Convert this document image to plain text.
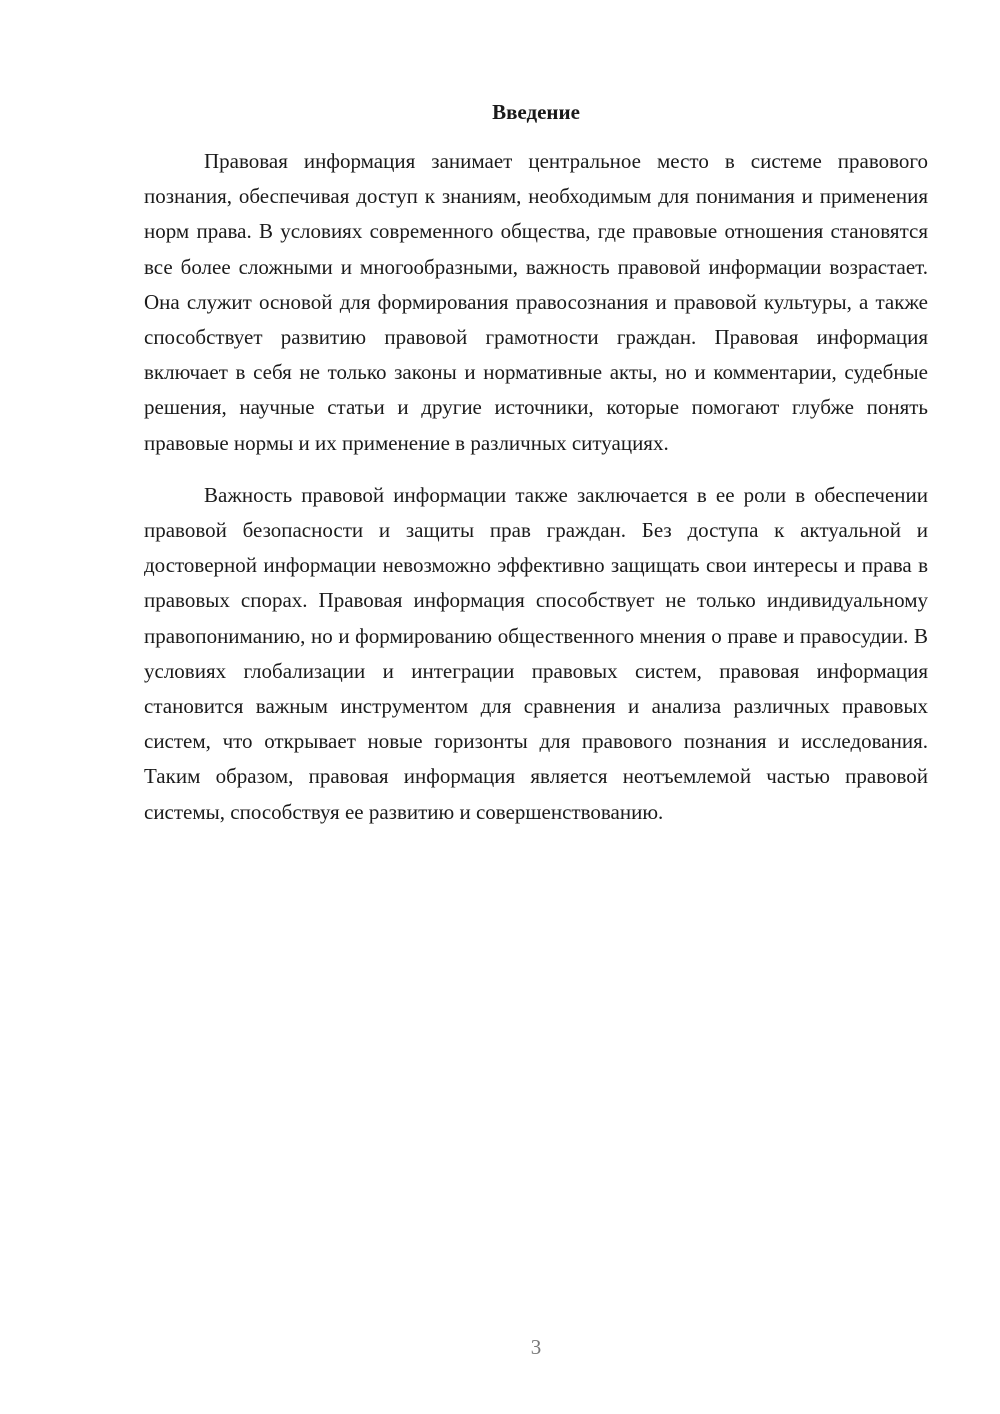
Введение

Правовая информация занимает центральное место в системе правового познания, обеспечивая доступ к знаниям, необходимым для понимания и применения норм права. В условиях современного общества, где правовые отношения становятся все более сложными и многообразными, важность правовой информации возрастает. Она служит основой для формирования правосознания и правовой культуры, а также способствует развитию правовой грамотности граждан. Правовая информация включает в себя не только законы и нормативные акты, но и комментарии, судебные решения, научные статьи и другие источники, которые помогают глубже понять правовые нормы и их применение в различных ситуациях.

Важность правовой информации также заключается в ее роли в обеспечении правовой безопасности и защиты прав граждан. Без доступа к актуальной и достоверной информации невозможно эффективно защищать свои интересы и права в правовых спорах. Правовая информация способствует не только индивидуальному правопониманию, но и формированию общественного мнения о праве и правосудии. В условиях глобализации и интеграции правовых систем, правовая информация становится важным инструментом для сравнения и анализа различных правовых систем, что открывает новые горизонты для правового познания и исследования. Таким образом, правовая информация является неотъемлемой частью правовой системы, способствуя ее развитию и совершенствованию.

3
